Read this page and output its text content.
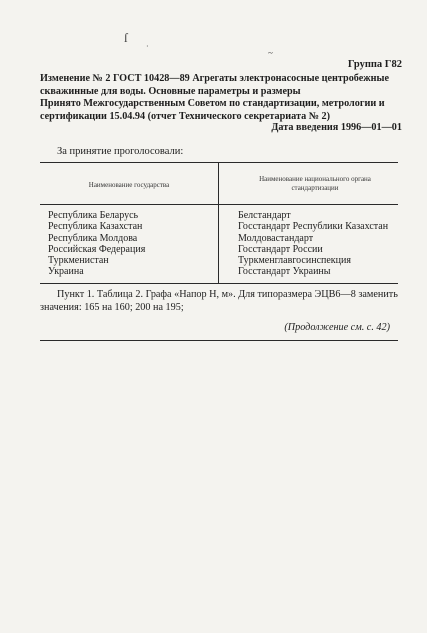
ſ
·
~
Группа Г82
Изменение № 2 ГОСТ 10428—89 Агрегаты электронасосные центробежные скважинные для воды. Основные параметры и размеры
Принято Межгосударственным Советом по стандартизации, метрологии и сертификации 15.04.94 (отчет Технического секретариата № 2)
Дата введения 1996—01—01
За принятие проголосовали:
Наименование государства
Наименование национального органа стандартизации
Республика Беларусь
Республика Казахстан
Республика Молдова
Российская Федерация
Туркменистан
Украина
Белстандарт
Госстандарт Республики Казахстан
Молдовастандарт
Госстандарт России
Туркменглавгосинспекция
Госстандарт Украины
Пункт 1. Таблица 2. Графа «Напор Н, м». Для типоразмера ЭЦВ6—8 заменить значения: 165 на 160; 200 на 195;
(Продолжение см. с. 42)
